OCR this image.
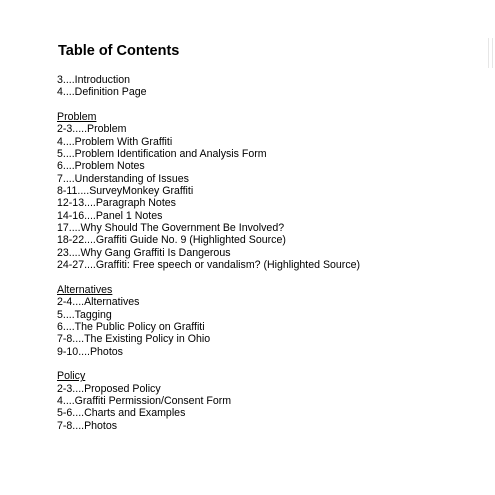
Table of Contents
3....Introduction
4....Definition Page
Problem
2-3.....Problem
4....Problem With Graffiti
5....Problem Identification and Analysis Form
6....Problem Notes
7....Understanding of Issues
8-11....SurveyMonkey Graffiti
12-13....Paragraph Notes
14-16....Panel 1 Notes
17....Why Should The Government Be Involved?
18-22....Graffiti Guide No. 9 (Highlighted Source)
23....Why Gang Graffiti Is Dangerous
24-27....Graffiti: Free speech or vandalism? (Highlighted Source)
Alternatives
2-4....Alternatives
5....Tagging
6....The Public Policy on Graffiti
7-8....The Existing Policy in Ohio
9-10....Photos
Policy
2-3....Proposed Policy
4....Graffiti Permission/Consent Form
5-6....Charts and Examples
7-8....Photos
